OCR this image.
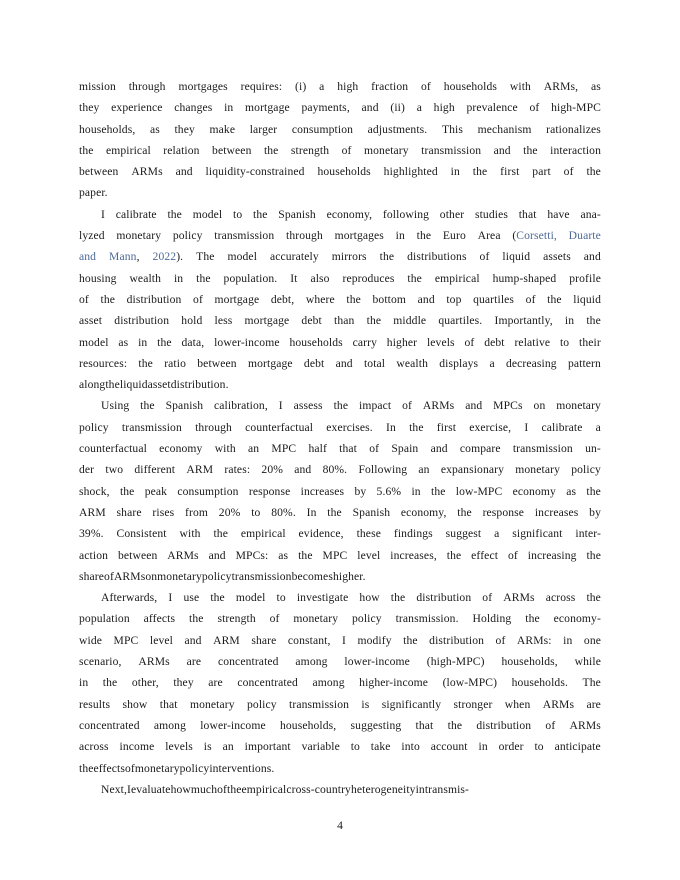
mission through mortgages requires: (i) a high fraction of households with ARMs, as
they experience changes in mortgage payments, and (ii) a high prevalence of high-MPC
households, as they make larger consumption adjustments. This mechanism rationalizes
the empirical relation between the strength of monetary transmission and the interaction
between ARMs and liquidity-constrained households highlighted in the first part of the
paper.
I calibrate the model to the Spanish economy, following other studies that have ana-
lyzed monetary policy transmission through mortgages in the Euro Area (Corsetti, Duarte
and Mann, 2022). The model accurately mirrors the distributions of liquid assets and
housing wealth in the population. It also reproduces the empirical hump-shaped profile
of the distribution of mortgage debt, where the bottom and top quartiles of the liquid
asset distribution hold less mortgage debt than the middle quartiles. Importantly, in the
model as in the data, lower-income households carry higher levels of debt relative to their
resources: the ratio between mortgage debt and total wealth displays a decreasing pattern
along the liquid asset distribution.
Using the Spanish calibration, I assess the impact of ARMs and MPCs on monetary
policy transmission through counterfactual exercises. In the first exercise, I calibrate a
counterfactual economy with an MPC half that of Spain and compare transmission un-
der two different ARM rates: 20% and 80%. Following an expansionary monetary policy
shock, the peak consumption response increases by 5.6% in the low-MPC economy as the
ARM share rises from 20% to 80%. In the Spanish economy, the response increases by
39%. Consistent with the empirical evidence, these findings suggest a significant inter-
action between ARMs and MPCs: as the MPC level increases, the effect of increasing the
share of ARMs on monetary policy transmission becomes higher.
Afterwards, I use the model to investigate how the distribution of ARMs across the
population affects the strength of monetary policy transmission. Holding the economy-
wide MPC level and ARM share constant, I modify the distribution of ARMs: in one
scenario, ARMs are concentrated among lower-income (high-MPC) households, while
in the other, they are concentrated among higher-income (low-MPC) households. The
results show that monetary policy transmission is significantly stronger when ARMs are
concentrated among lower-income households, suggesting that the distribution of ARMs
across income levels is an important variable to take into account in order to anticipate
the effects of monetary policy interventions.
Next, I evaluate how much of the empirical cross-country heterogeneity in transmis-
4
